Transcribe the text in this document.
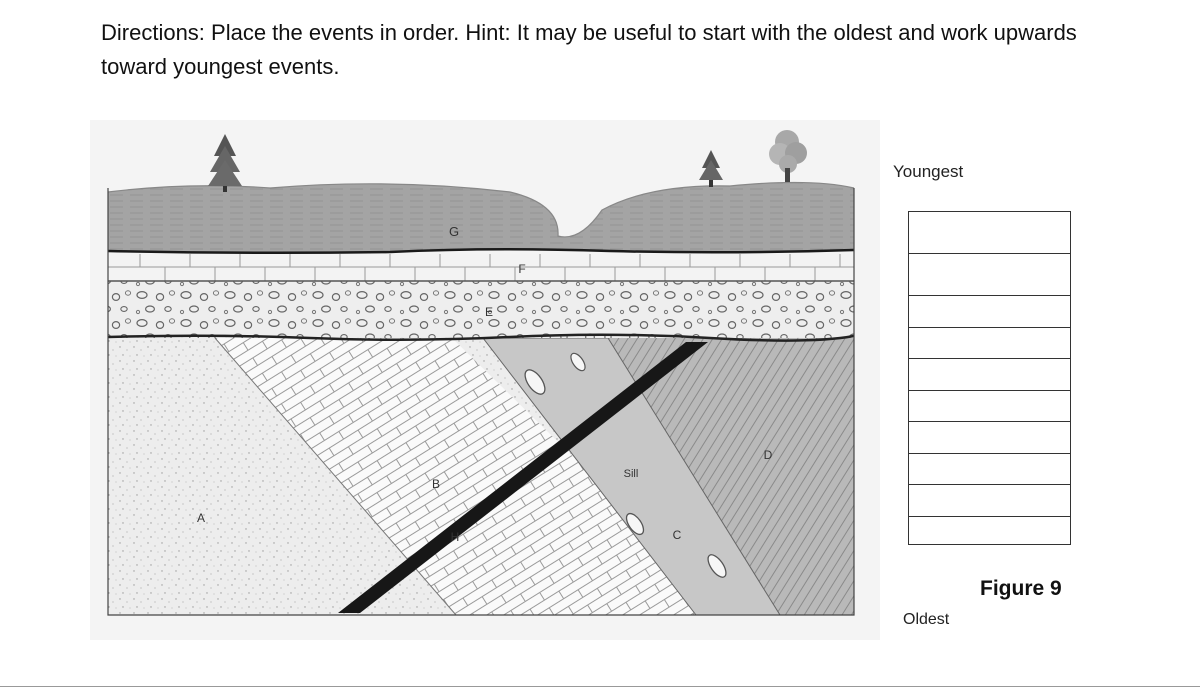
Directions: Place the events in order. Hint: It may be useful to start with the oldest and work upwards toward youngest events.

G
F
E
D
Sill
B
A
H	C
Youngest
Figure 9
Oldest
